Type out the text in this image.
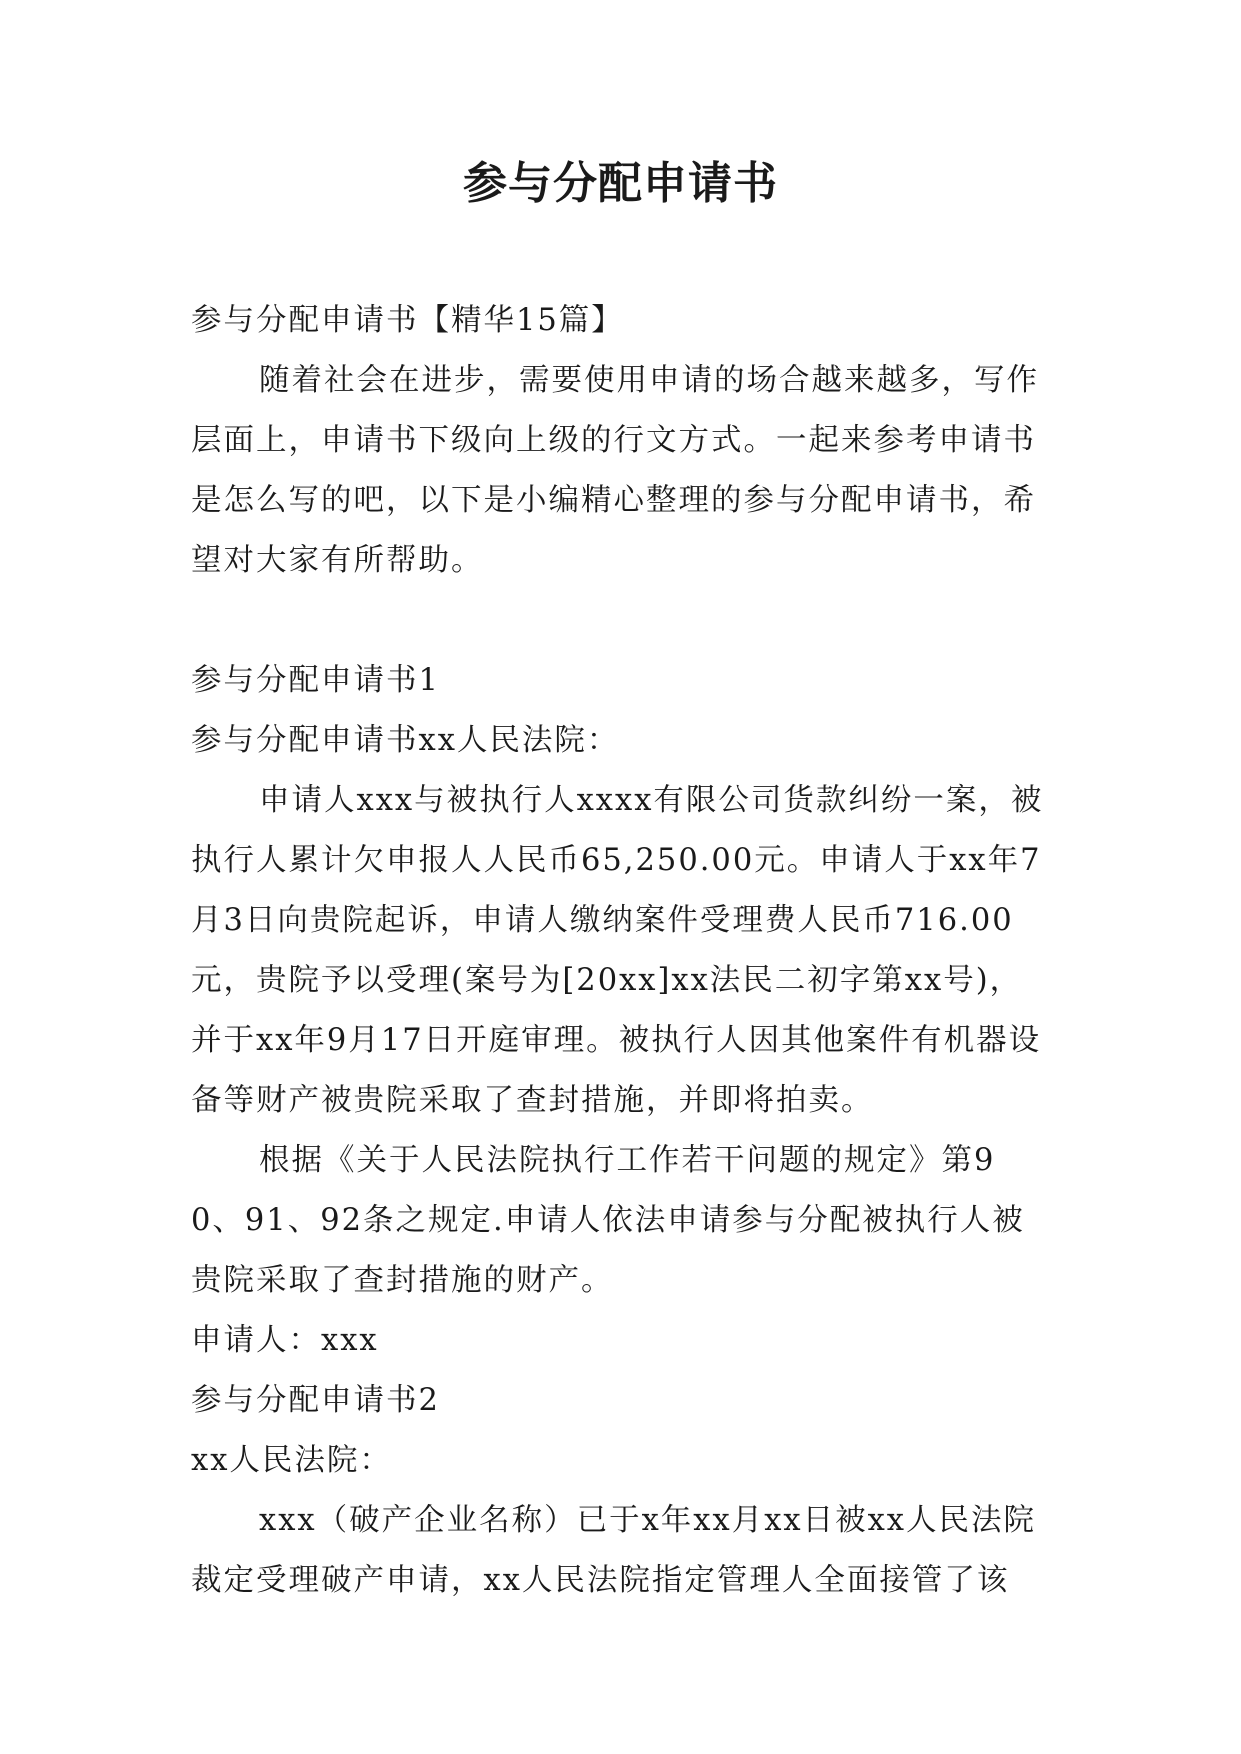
参与分配申请书

参与分配申请书【精华15篇】

随着社会在进步，需要使用申请的场合越来越多，写作层面上，申请书下级向上级的行文方式。一起来参考申请书是怎么写的吧，以下是小编精心整理的参与分配申请书，希望对大家有所帮助。

参与分配申请书1

参与分配申请书xx人民法院：

申请人xxx与被执行人xxxx有限公司货款纠纷一案，被执行人累计欠申报人人民币65,250.00元。申请人于xx年7月3日向贵院起诉，申请人缴纳案件受理费人民币716.00元，贵院予以受理(案号为[20xx]xx法民二初字第xx号)，并于xx年9月17日开庭审理。被执行人因其他案件有机器设备等财产被贵院采取了查封措施，并即将拍卖。

根据《关于人民法院执行工作若干问题的规定》第90、91、92条之规定.申请人依法申请参与分配被执行人被贵院采取了查封措施的财产。

申请人：xxx

参与分配申请书2

xx人民法院：

xxx（破产企业名称）已于x年xx月xx日被xx人民法院裁定受理破产申请，xx人民法院指定管理人全面接管了该
